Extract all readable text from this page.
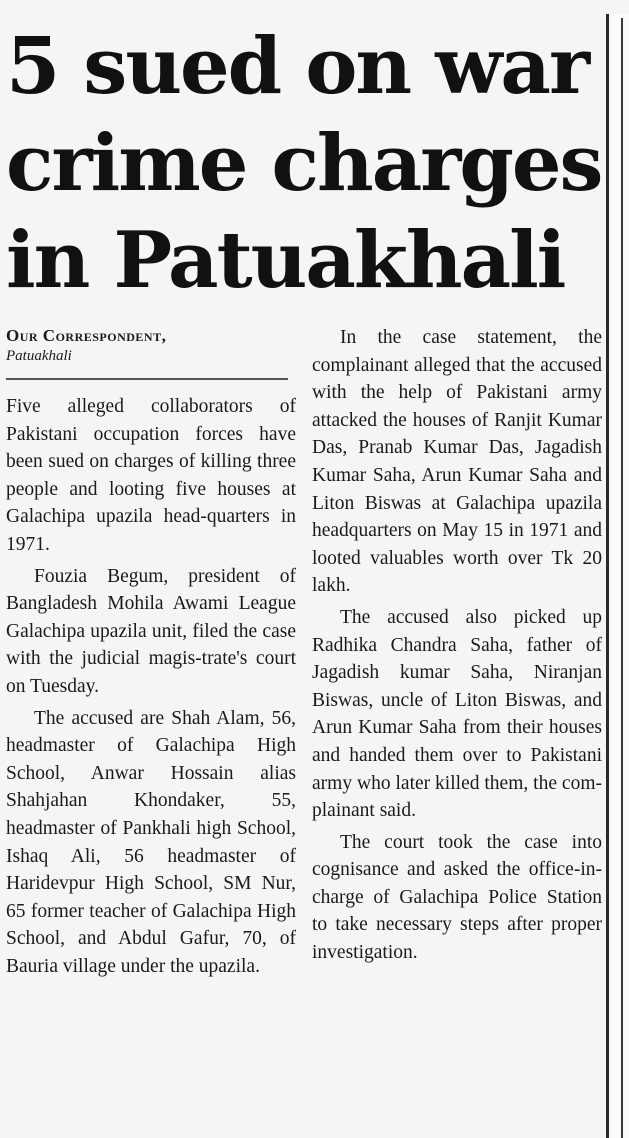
5 sued on war
crime charges
in Patuakhali
Our Correspondent,
Patuakhali

Five alleged collaborators of Pakistani occupation forces have been sued on charges of killing three people and looting five houses at Galachipa upazila head-quarters in 1971.

Fouzia Begum, president of Bangladesh Mohila Awami League Galachipa upazila unit, filed the case with the judicial magis-trate's court on Tuesday.

The accused are Shah Alam, 56, headmaster of Galachipa High School, Anwar Hossain alias Shahjahan Khondaker, 55, headmaster of Pankhali high School, Ishaq Ali, 56 headmaster of Haridevpur High School, SM Nur, 65 former teacher of Galachipa High School, and Abdul Gafur, 70, of Bauria village under the upazila.

In the case statement, the complainant alleged that the accused with the help of Pakistani army attacked the houses of Ranjit Kumar Das, Pranab Kumar Das, Jagadish Kumar Saha, Arun Kumar Saha and Liton Biswas at Galachipa upazila headquarters on May 15 in 1971 and looted valuables worth over Tk 20 lakh.

The accused also picked up Radhika Chandra Saha, father of Jagadish kumar Saha, Niranjan Biswas, uncle of Liton Biswas, and Arun Kumar Saha from their houses and handed them over to Pakistani army who later killed them, the com-plainant said.

The court took the case into cognisance and asked the office-in-charge of Galachipa Police Station to take necessary steps after proper investigation.
